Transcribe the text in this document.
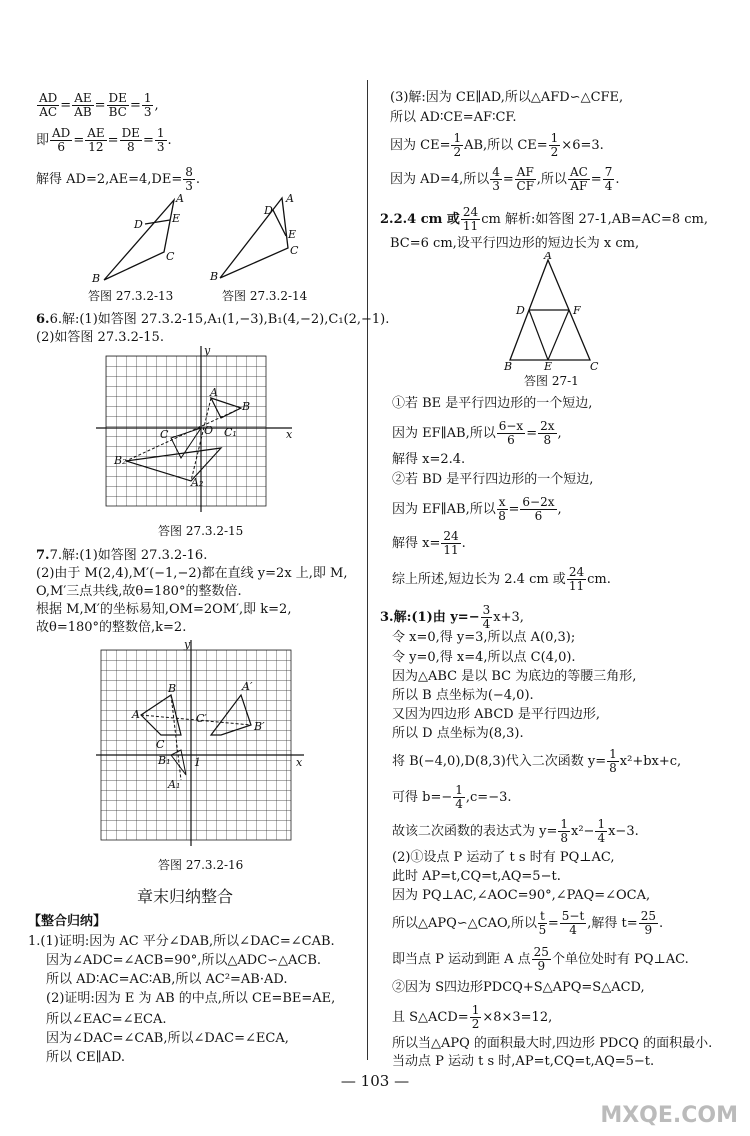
$\frac{AD}{AC} = \frac{AE}{AB} = \frac{DE}{BC} = \frac{1}{3}$ ,
即 $\frac{AD}{6} = \frac{AE}{12} = \frac{DE}{8} = \frac{1}{3}$ .
解得 $AD=2,AE=4,DE= \frac{8}{3}$ .
B
A
D	E
C
答图 27.3.2-13
B
A
D
E
C
答图 27.3.2-14
6.6.解:(1)如答图 27.3.2-15,A₁(1,−3),B₁(4,−2),C₁(2,−1).
(2)如答图 27.3.2-15.
y
x
A
B
C	O
B₂
A₂
C₁
答图 27.3.2-15
7.7.解:(1)如答图 27.3.2-16.
(2)由于 M(2,4),M′(−1,−2)都在直线 y=2x 上,即 M,
O,M′三点共线,故θ=180°的整数倍.
根据 M,M′的坐标易知,OM=2OM′,即 k=2,
故θ=180°的整数倍,k=2.
y
x
A
B
C
A′
B′
C′
B₁
A₁
1
答图 27.3.2-16
章末归纳整合
【整合归纳】
1.(1)证明:因为 AC 平分∠DAB,所以∠DAC=∠CAB.
因为∠ADC=∠ACB=90°,所以△ADC∽△ACB.
所以 AD∶AC=AC∶AB,所以 AC²=AB·AD.
(2)证明:因为 E 为 AB 的中点,所以 CE=BE=AE,
所以∠EAC=∠ECA.
因为∠DAC=∠CAB,所以∠DAC=∠ECA,
所以 CE∥AD.
(3)解:因为 CE∥AD,所以△AFD∽△CFE,
所以 AD∶CE=AF∶CF.
因为 $CE= \frac{1}{2}$ AB,所以 $CE= \frac{1}{2} \times 6=3$.
因为 AD=4,所以 $\frac{4}{3} = \frac{AF}{CF}$ ,所以 $\frac{AC}{AF} = \frac{7}{4}$ .
2.2.4 cm 或 $\frac{24}{11}$ cm 解析:如答图 27-1,AB=AC=8 cm,
BC=6 cm,设平行四边形的短边长为 x cm,
A
D	F
B	E	C
答图 27-1
①若 BE 是平行四边形的一个短边,
因为 EF∥AB,所以 $\frac{6-x}{6} = \frac{2x}{8}$ ,
解得 x=2.4.
②若 BD 是平行四边形的一个短边,
因为 EF∥AB,所以 $\frac{x}{8} = \frac{6-2x}{6}$ ,
解得 $x= \frac{24}{11}$ .
综上所述,短边长为 2.4 cm 或 $\frac{24}{11}$ cm.
3.解:(1)由 $y=- \frac{3}{4} x+3$,
令 x=0,得 y=3,所以点 A(0,3);
令 y=0,得 x=4,所以点 C(4,0).
因为△ABC 是以 BC 为底边的等腰三角形,
所以 B 点坐标为(−4,0).
又因为四边形 ABCD 是平行四边形,
所以 D 点坐标为(8,3).
将 B(−4,0),D(8,3)代入二次函数 $y= \frac{1}{8} x^2+bx+c$,
可得 $b=- \frac{1}{4} ,c=-3$.
故该二次函数的表达式为 $y= \frac{1}{8} x^2- \frac{1}{4} x-3$.
(2)①设点 P 运动了 t s 时有 PQ⊥AC,
此时 AP=t,CQ=t,AQ=5−t.
因为 PQ⊥AC,∠AOC=90°,∠PAQ=∠OCA,
所以△APQ∽△CAO,所以 $\frac{t}{5} = \frac{5-t}{4}$ ,解得 $t= \frac{25}{9}$ .
即当点 P 运动到距 A 点 $\frac{25}{9}$ 个单位处时有 PQ⊥AC.
②因为 S四边形PDCQ+S△APQ=S△ACD,
且 S△ACD= $\frac{1}{2} \times 8\times 3=12$,
所以当△APQ 的面积最大时,四边形 PDCQ 的面积最小.
当动点 P 运动 t s 时,AP=t,CQ=t,AQ=5−t.
— 103 —
MXQE.COM
